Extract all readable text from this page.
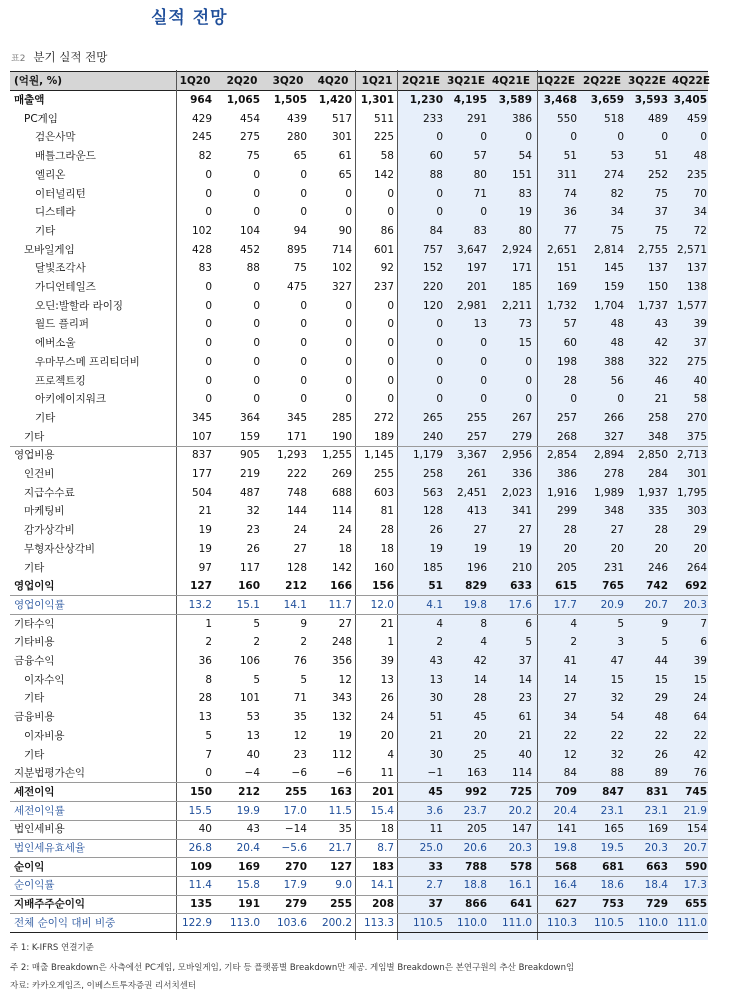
실적 전망
표2 분기 실적 전망
(억원, %)	1Q20	2Q20	3Q20	4Q20	1Q21 2Q21E 3Q21E 4Q21E 1Q22E 2Q22E 3Q22E 4Q22E
매출액	964	1,065	1,505	1,420 1,301	1,230	4,195	3,589	3,468	3,659	3,593 3,405
PC게임	429	454	439	517	511	233	291	386	550	518	489	459
검은사막	245	275	280	301	225	0	0	0	0	0	0	0
배틀그라운드	82	75	65	61	58	60	57	54	51	53	51	48
엘리온	0	0	0	65	142	88	80	151	311	274	252	235
이터널리턴	0	0	0	0	0	0	71	83	74	82	75	70
디스테라	0	0	0	0	0	0	0	19	36	34	37	34
기타	102	104	94	90	86	84	83	80	77	75	75	72
모바일게임	428	452	895	714	601	757	3,647	2,924	2,651	2,814	2,755 2,571
달빛조각사	83	88	75	102	92	152	197	171	151	145	137	137
가디언테일즈	0	0	475	327	237	220	201	185	169	159	150	138
오딘:발할라 라이징	0	0	0	0	0	120	2,981	2,211	1,732	1,704	1,737 1,577
월드 플리퍼	0	0	0	0	0	0	13	73	57	48	43	39
에버소울	0	0	0	0	0	0	0	15	60	48	42	37
우마무스메 프리티더비	0	0	0	0	0	0	0	0	198	388	322	275
프로젝트킹	0	0	0	0	0	0	0	0	28	56	46	40
아키에이지워크	0	0	0	0	0	0	0	0	0	0	21	58
기타	345	364	345	285	272	265	255	267	257	266	258	270
기타	107	159	171	190	189	240	257	279	268	327	348	375
영업비용	837	905	1,293	1,255	1,145	1,179	3,367	2,956	2,854	2,894	2,850 2,713
인건비	177	219	222	269	255	258	261	336	386	278	284	301
지급수수료	504	487	748	688	603	563	2,451	2,023	1,916	1,989	1,937 1,795
마케팅비	21	32	144	114	81	128	413	341	299	348	335	303
감가상각비	19	23	24	24	28	26	27	27	28	27	28	29
무형자산상각비	19	26	27	18	18	19	19	19	20	20	20	20
기타	97	117	128	142	160	185	196	210	205	231	246	264
영업이익	127	160	212	166	156	51	829	633	615	765	742	692
영업이익률	13.2	15.1	14.1	11.7	12.0	4.1	19.8	17.6	17.7	20.9	20.7	20.3
기타수익	1	5	9	27	21	4	8	6	4	5	9	7
기타비용	2	2	2	248	1	2	4	5	2	3	5	6
금융수익	36	106	76	356	39	43	42	37	41	47	44	39
이자수익	8	5	5	12	13	13	14	14	14	15	15	15
기타	28	101	71	343	26	30	28	23	27	32	29	24
금융비용	13	53	35	132	24	51	45	61	34	54	48	64
이자비용	5	13	12	19	20	21	20	21	22	22	22	22
기타	7	40	23	112	4	30	25	40	12	32	26	42
지분법평가손익	0	−4	−6	−6	11	−1	163	114	84	88	89	76
세전이익	150	212	255	163	201	45	992	725	709	847	831	745
세전이익률	15.5	19.9	17.0	11.5	15.4	3.6	23.7	20.2	20.4	23.1	23.1	21.9
법인세비용	40	43	−14	35	18	11	205	147	141	165	169	154
법인세유효세율	26.8	20.4	−5.6	21.7	8.7	25.0	20.6	20.3	19.8	19.5	20.3	20.7
순이익	109	169	270	127	183	33	788	578	568	681	663	590
순이익률	11.4	15.8	17.9	9.0	14.1	2.7	18.8	16.1	16.4	18.6	18.4	17.3
지배주주순이익	135	191	279	255	208	37	866	641	627	753	729	655
전체 순이익 대비 비중	122.9	113.0	103.6	200.2	113.3	110.5	110.0	111.0	110.3	110.5	110.0 111.0
주 1: K-IFRS 연결기준
주 2: 매출 Breakdown은 사측에선 PC게임, 모바일게임, 기타 등 플랫폼별 Breakdown만 제공. 게임별 Breakdown은 본연구원의 추산 Breakdown임
자료: 카카오게임즈, 이베스트투자증권 리서치센터
